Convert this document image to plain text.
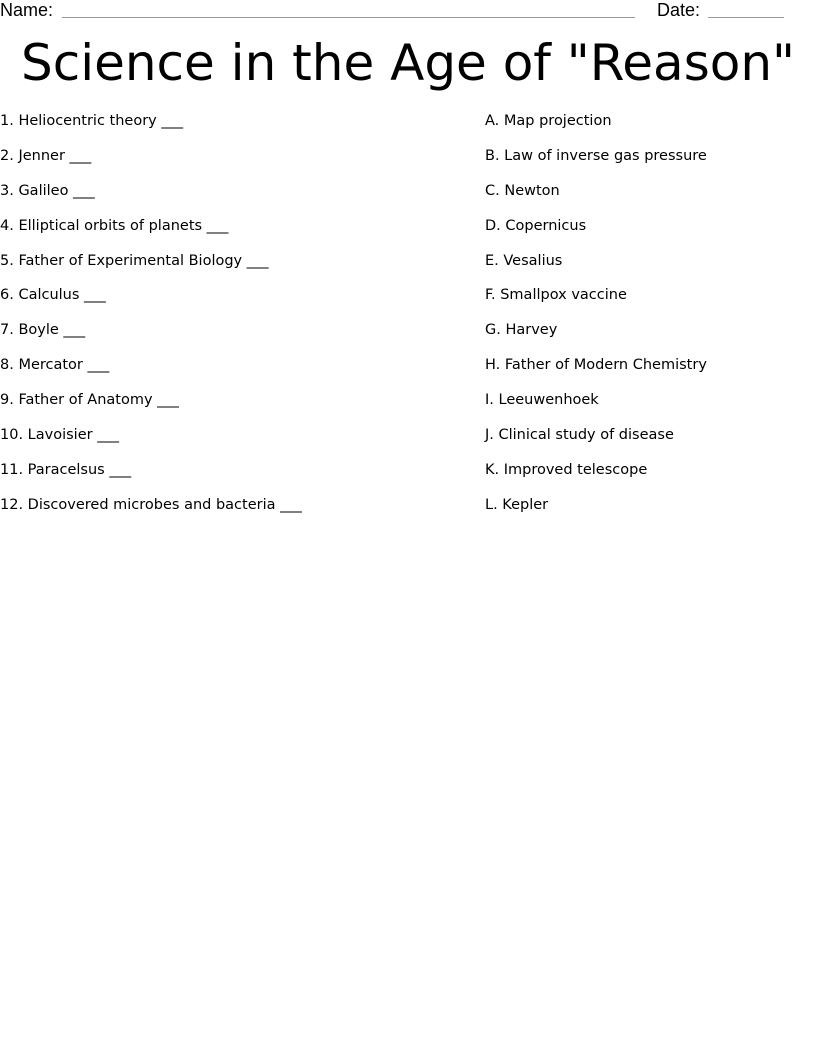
Name:	Date:
Science in the Age of "Reason"
1. Heliocentric theory ___
2. Jenner ___
3. Galileo ___
4. Elliptical orbits of planets ___
5. Father of Experimental Biology ___
6. Calculus ___
7. Boyle ___
8. Mercator ___
9. Father of Anatomy ___
10. Lavoisier ___
11. Paracelsus ___
12. Discovered microbes and bacteria ___
A. Map projection
B. Law of inverse gas pressure
C. Newton
D. Copernicus
E. Vesalius
F. Smallpox vaccine
G. Harvey
H. Father of Modern Chemistry
I. Leeuwenhoek
J. Clinical study of disease
K. Improved telescope
L. Kepler
